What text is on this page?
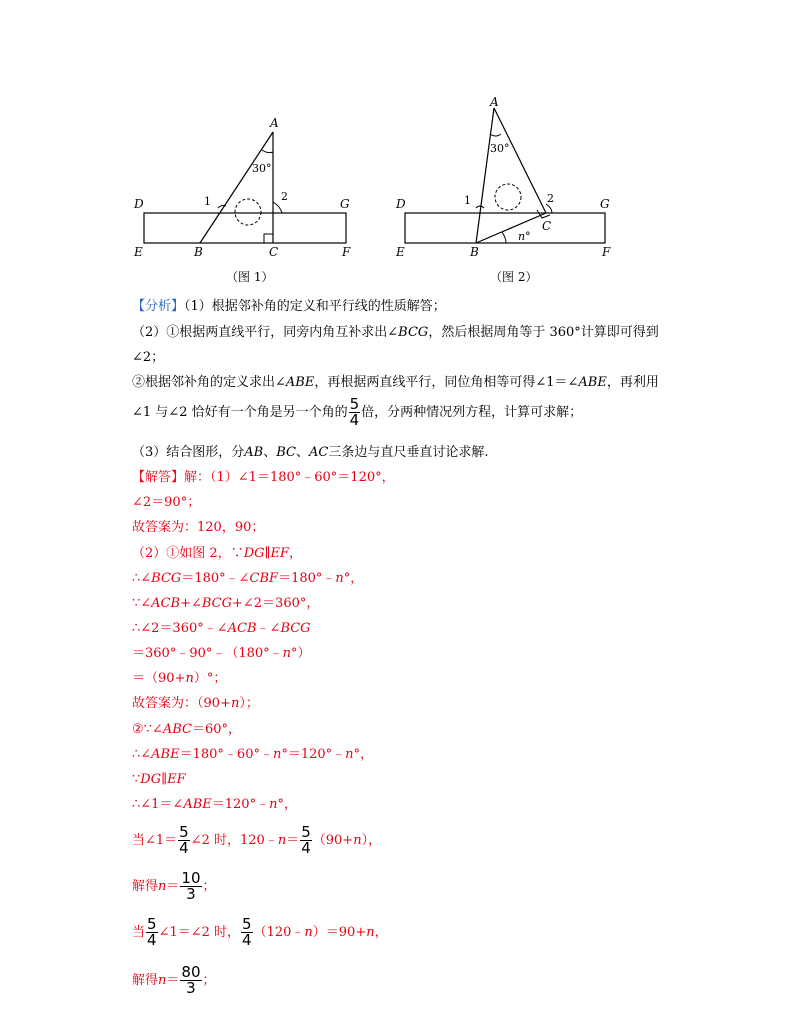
A
30°
1	2
D	G
E	B	C	F
（图 1）
A
30°
1	2
C
n°
D	G
E	B	F
（图 2）
【分析】（1）根据邻补角的定义和平行线的性质解答；
（2）①根据两直线平行，同旁内角互补求出∠BCG，然后根据周角等于 360°计算即可得到
∠2；
②根据邻补角的定义求出∠ABE，再根据两直线平行，同位角相等可得∠1＝∠ABE，再利用
∠1 与∠2 恰好有一个角是另一个角的 $\frac{5}{4}$ 倍，分两种情况列方程，计算可求解；
（3）结合图形，分AB、BC、AC三条边与直尺垂直讨论求解.
【解答】解：（1）∠1＝180°﹣60°＝120°，
∠2＝90°；
故答案为：120，90；
（2）①如图 2，∵DG∥EF，
∴∠BCG＝180°﹣∠CBF＝180°﹣n°，
∵∠ACB+∠BCG+∠2＝360°，
∴∠2＝360°﹣∠ACB﹣∠BCG
＝360°﹣90°﹣（180°﹣n°）
＝（90+n）°；
故答案为：（90+n）；
②∵∠ABC＝60°，
∴∠ABE＝180°﹣60°﹣n°＝120°﹣n°，
∵DG∥EF
∴∠1＝∠ABE＝120°﹣n°，
当∠1＝ $\frac{5}{4}$ ∠2 时，120﹣n＝ $\frac{5}{4} (90+n)$，
解得$n= \frac{10}{3}$ ；
当 $\frac{5}{4}$ ∠1＝∠2 时， $\frac{5}{4}$ （120﹣n）＝90+n，
解得$n= \frac{80}{3}$ ；
